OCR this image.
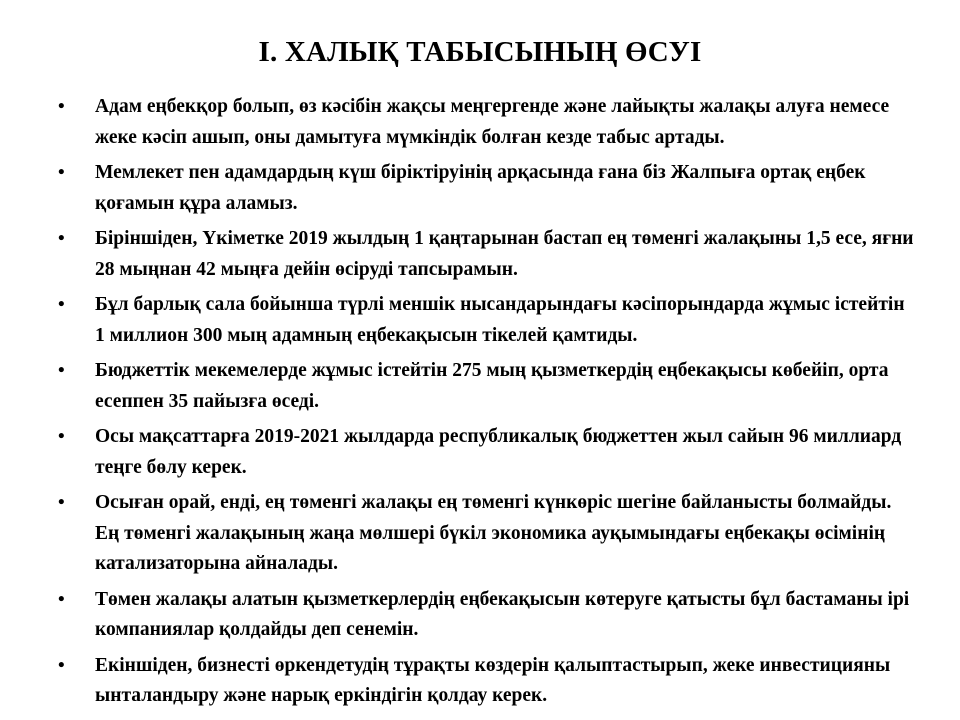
I. ХАЛЫҚ ТАБЫСЫНЫҢ ӨСУІ
•	Адам еңбекқор болып, өз кәсібін жақсы меңгергенде және лайықты жалақы алуға немесе жеке кәсіп ашып, оны дамытуға мүмкіндік болған кезде табыс артады.
•	Мемлекет пен адамдардың күш біріктіруінің арқасында ғана біз Жалпыға ортақ еңбек қоғамын құра аламыз.
•	Біріншіден, Үкіметке 2019 жылдың 1 қаңтарынан бастап ең төменгі жалақыны 1,5 есе, яғни 28 мыңнан 42 мыңға дейін өсіруді тапсырамын.
•	Бұл барлық сала бойынша түрлі меншік нысандарындағы кәсіпорындарда жұмыс істейтін 1 миллион 300 мың адамның еңбекақысын тікелей қамтиды.
•	Бюджеттік мекемелерде жұмыс істейтін 275 мың қызметкердің еңбекақысы көбейіп, орта есеппен 35 пайызға өседі.
•	Осы мақсаттарға 2019-2021 жылдарда республикалық бюджеттен жыл сайын 96 миллиард теңге бөлу керек.
•	Осыған орай, енді, ең төменгі жалақы ең төменгі күнкөріс шегіне байланысты болмайды. Ең төменгі жалақының жаңа мөлшері бүкіл экономика ауқымындағы еңбекақы өсімінің катализаторына айналады.
•	Төмен жалақы алатын қызметкерлердің еңбекақысын көтеруге қатысты бұл бастаманы ірі компаниялар қолдайды деп сенемін.
•	Екіншіден, бизнесті өркендетудің тұрақты көздерін қалыптастырып, жеке инвестицияны ынталандыру және нарық еркіндігін қолдау керек.
